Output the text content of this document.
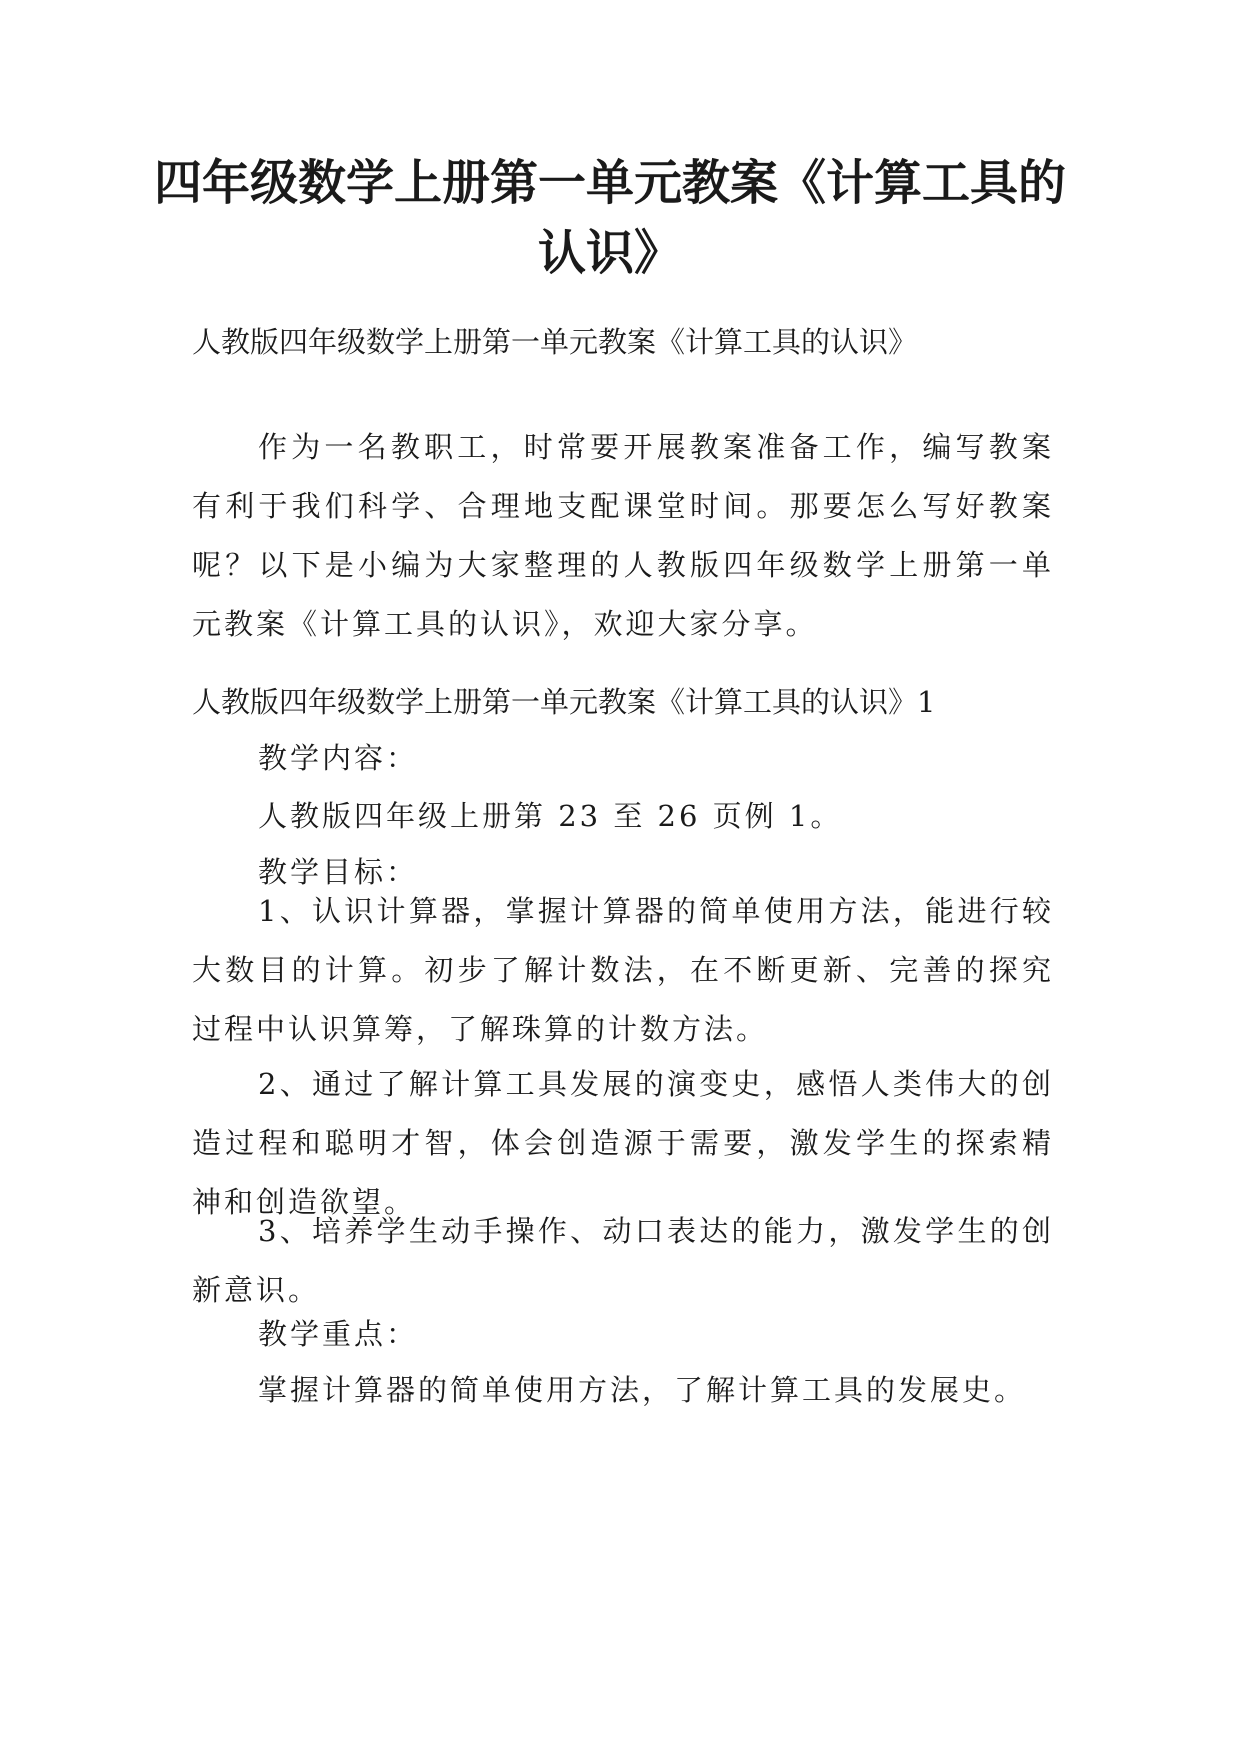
四年级数学上册第一单元教案《计算工具的认识》

人教版四年级数学上册第一单元教案《计算工具的认识》

作为一名教职工，时常要开展教案准备工作，编写教案有利于我们科学、合理地支配课堂时间。那要怎么写好教案呢？以下是小编为大家整理的人教版四年级数学上册第一单元教案《计算工具的认识》，欢迎大家分享。

人教版四年级数学上册第一单元教案《计算工具的认识》1

教学内容：

人教版四年级上册第 23 至 26 页例 1。

教学目标：

1、认识计算器，掌握计算器的简单使用方法，能进行较大数目的计算。初步了解计数法，在不断更新、完善的探究过程中认识算筹，了解珠算的计数方法。

2、通过了解计算工具发展的演变史，感悟人类伟大的创造过程和聪明才智，体会创造源于需要，激发学生的探索精神和创造欲望。

3、培养学生动手操作、动口表达的能力，激发学生的创新意识。

教学重点：

掌握计算器的简单使用方法，了解计算工具的发展史。
